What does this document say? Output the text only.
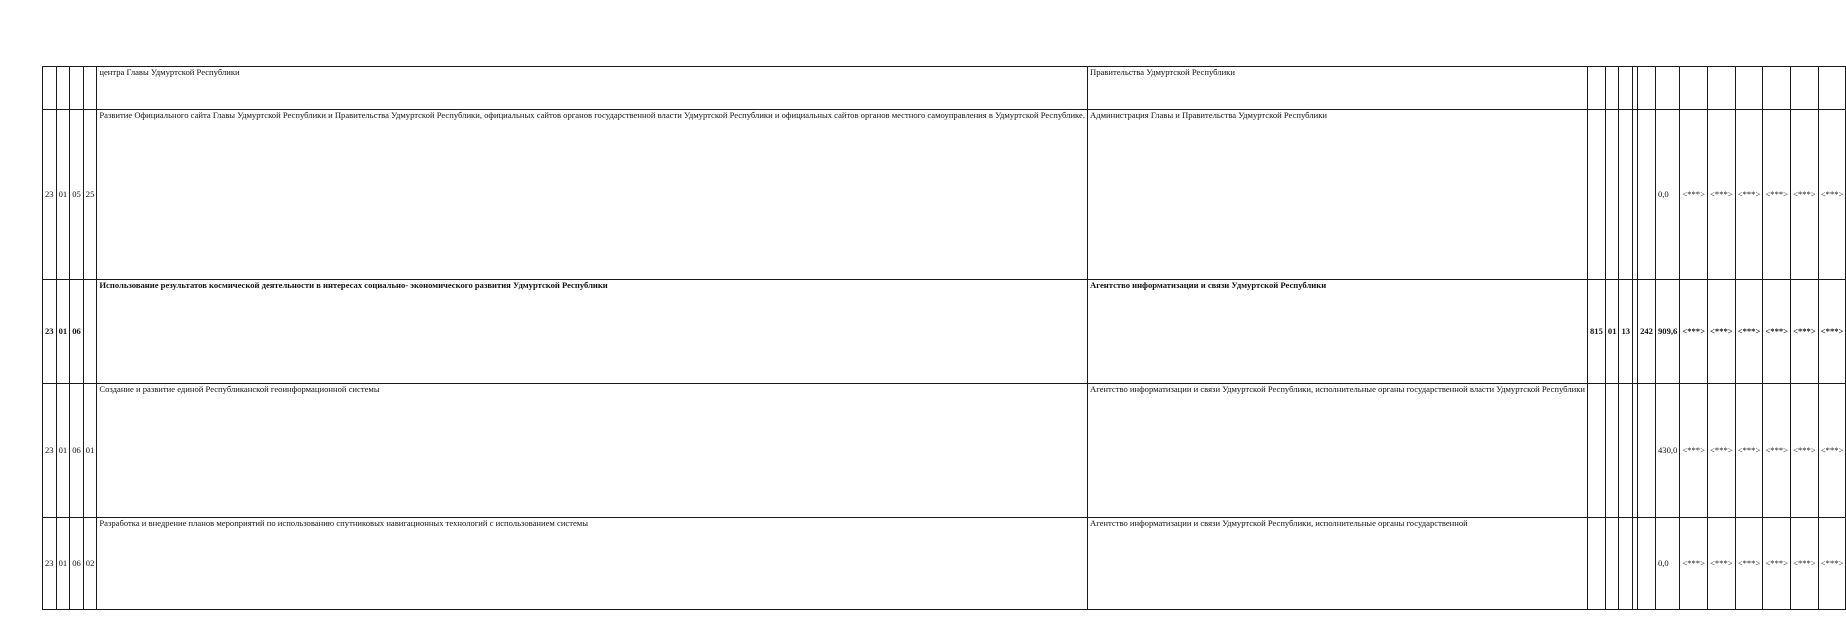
				центра Главы Удмуртской Республики	Правительства Удмуртской Республики												
23	01	05	25	Развитие Официального сайта Главы Удмуртской Республики и Правительства Удмуртской Республики, официальных сайтов органов государственной власти Удмуртской Республики и официальных сайтов органов местного самоуправления в Удмуртской Республике.	Администрация Главы и Правительства Удмуртской Республики						0,0	<***>	<***>	<***>	<***>	<***>	<***>
23	01	06		Использование результатов космической деятельности в интересах социально- экономического развития Удмуртской Республики	Агентство информатизации и связи Удмуртской Республики	815	01	13		242	909,6	<***>	<***>	<***>	<***>	<***>	<***>
23	01	06	01	Создание и развитие единой Республиканской геоинформационной системы	Агентство информатизации и связи Удмуртской Республики, исполнительные органы государственной власти Удмуртской Республики						430,0	<***>	<***>	<***>	<***>	<***>	<***>
23	01	06	02	Разработка и внедрение планов мероприятий по использованию спутниковых навигационных технологий с использованием системы	Агентство информатизации и связи Удмуртской Республики, исполнительные органы государственной						0,0	<***>	<***>	<***>	<***>	<***>	<***>
